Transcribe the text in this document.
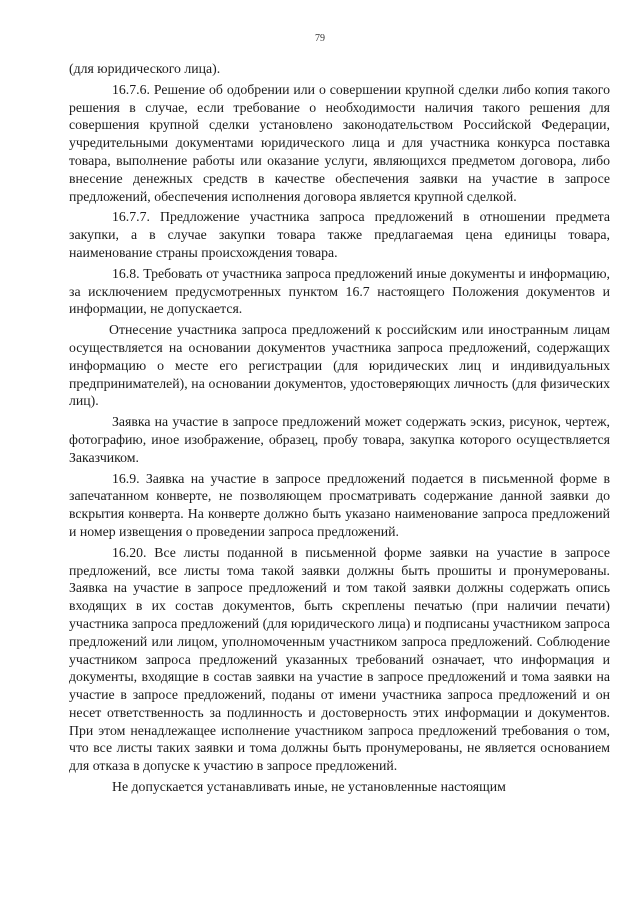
79

(для юридического лица).

16.7.6. Решение об одобрении или о совершении крупной сделки либо копия такого решения в случае, если требование о необходимости наличия такого решения для совершения крупной сделки установлено законодательством Российской Федерации, учредительными документами юридического лица и для участника конкурса поставка товара, выполнение работы или оказание услуги, являющихся предметом договора, либо внесение денежных средств в качестве обеспечения заявки на участие в запросе предложений, обеспечения исполнения договора является крупной сделкой.

16.7.7. Предложение участника запроса предложений в отношении предмета закупки, а в случае закупки товара также предлагаемая цена единицы товара, наименование страны происхождения товара.

16.8. Требовать от участника запроса предложений иные документы и информацию, за исключением предусмотренных пунктом 16.7 настоящего Положения документов и информации, не допускается.

Отнесение участника запроса предложений к российским или иностранным лицам осуществляется на основании документов участника запроса предложений, содержащих информацию о месте его регистрации (для юридических лиц и индивидуальных предпринимателей), на основании документов, удостоверяющих личность (для физических лиц).

Заявка на участие в запросе предложений может содержать эскиз, рисунок, чертеж, фотографию, иное изображение, образец, пробу товара, закупка которого осуществляется Заказчиком.

16.9. Заявка на участие в запросе предложений подается в письменной форме в запечатанном конверте, не позволяющем просматривать содержание данной заявки до вскрытия конверта. На конверте должно быть указано наименование запроса предложений и номер извещения о проведении запроса предложений.

16.20. Все листы поданной в письменной форме заявки на участие в запросе предложений, все листы тома такой заявки должны быть прошиты и пронумерованы. Заявка на участие в запросе предложений и том такой заявки должны содержать опись входящих в их состав документов, быть скреплены печатью (при наличии печати) участника запроса предложений (для юридического лица) и подписаны участником запроса предложений или лицом, уполномоченным участником запроса предложений. Соблюдение участником запроса предложений указанных требований означает, что информация и документы, входящие в состав заявки на участие в запросе предложений и тома заявки на участие в запросе предложений, поданы от имени участника запроса предложений и он несет ответственность за подлинность и достоверность этих информации и документов. При этом ненадлежащее исполнение участником запроса предложений требования о том, что все листы таких заявки и тома должны быть пронумерованы, не является основанием для отказа в допуске к участию в запросе предложений.

Не допускается устанавливать иные, не установленные настоящим
